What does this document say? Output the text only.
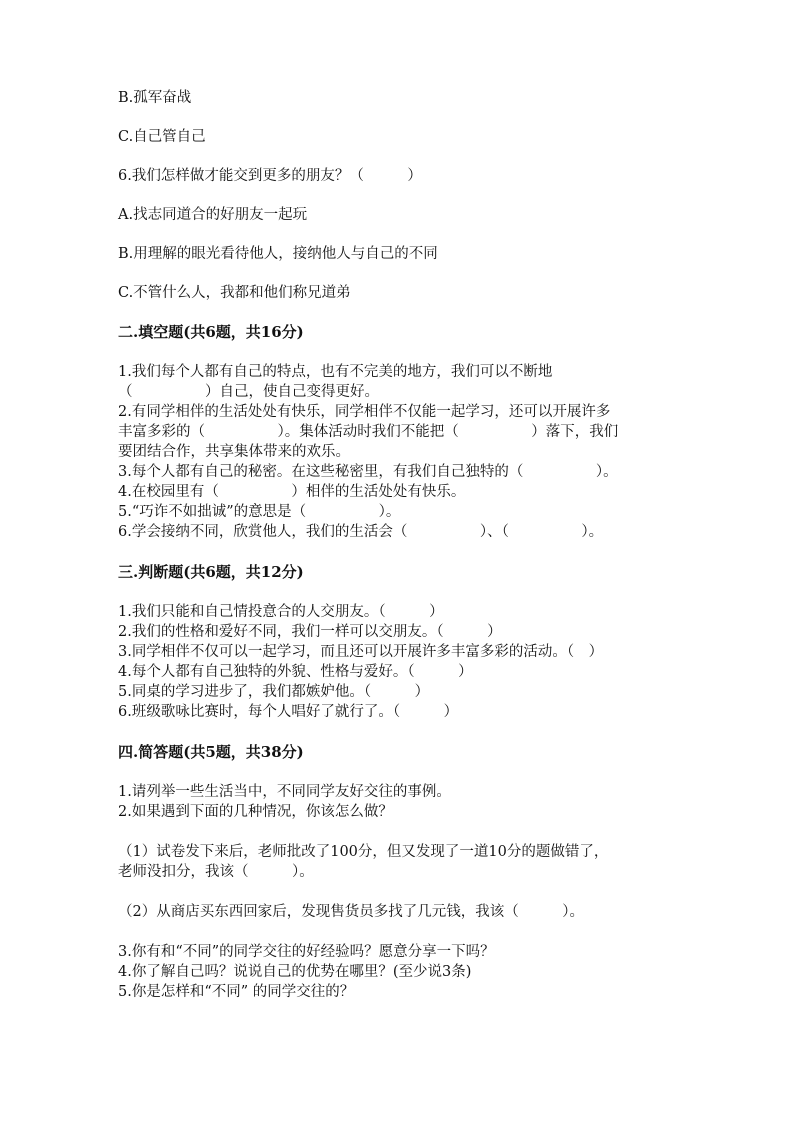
B.孤军奋战
C.自己管自己
6.我们怎样做才能交到更多的朋友？（　　　）
A.找志同道合的好朋友一起玩
B.用理解的眼光看待他人，接纳他人与自己的不同
C.不管什么人，我都和他们称兄道弟
二.填空题(共6题，共16分)
1.我们每个人都有自己的特点，也有不完美的地方，我们可以不断地
（　　　　　）自己，使自己变得更好。
2.有同学相伴的生活处处有快乐，同学相伴不仅能一起学习，还可以开展许多
丰富多彩的（　　　　　）。集体活动时我们不能把（　　　　　）落下，我们
要团结合作，共享集体带来的欢乐。
3.每个人都有自己的秘密。在这些秘密里，有我们自己独特的（　　　　　）。
4.在校园里有（　　　　　）相伴的生活处处有快乐。
5.“巧诈不如拙诚”的意思是（　　　　　）。
6.学会接纳不同，欣赏他人，我们的生活会（　　　　　）、（　　　　　）。
三.判断题(共6题，共12分)
1.我们只能和自己情投意合的人交朋友。（　　　）
2.我们的性格和爱好不同，我们一样可以交朋友。（　　　）
3.同学相伴不仅可以一起学习，而且还可以开展许多丰富多彩的活动。（　）
4.每个人都有自己独特的外貌、性格与爱好。（　　　）
5.同桌的学习进步了，我们都嫉妒他。（　　　）
6.班级歌咏比赛时，每个人唱好了就行了。（　　　）
四.简答题(共5题，共38分)
1.请列举一些生活当中，不同同学友好交往的事例。
2.如果遇到下面的几种情况，你该怎么做？
（1）试卷发下来后，老师批改了100分，但又发现了一道10分的题做错了，
老师没扣分，我该（　　　）。
（2）从商店买东西回家后，发现售货员多找了几元钱，我该（　　　）。
3.你有和“不同”的同学交往的好经验吗？愿意分享一下吗？
4.你了解自己吗？说说自己的优势在哪里？(至少说3条)
5.你是怎样和“不同” 的同学交往的？
